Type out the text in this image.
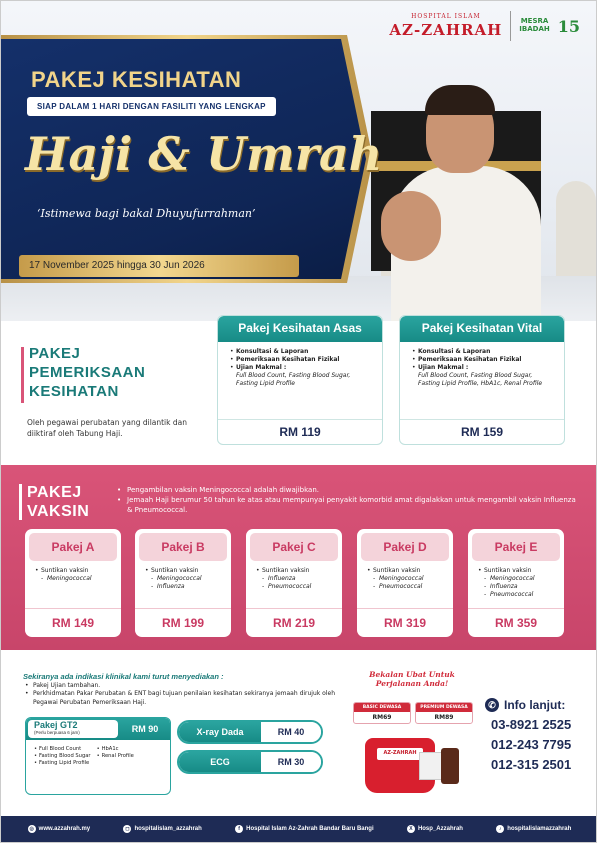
HOSPITAL ISLAM
AZ-ZAHRAH	MESRA
IBADAH 15
PAKEJ KESIHATAN
SIAP DALAM 1 HARI DENGAN FASILITI YANG LENGKAP
Haji & Umrah
‘Istimewa bagi bakal Dhuyufurrahman’
17 November 2025 hingga 30 Jun 2026
PAKEJ
PEMERIKSAAN
KESIHATAN
Oleh pegawai perubatan yang dilantik dan diiktiraf oleh Tabung Haji.
Pakej Kesihatan Asas
• Konsultasi & Laporan
• Pemeriksaan Kesihatan Fizikal
• Ujian Makmal :
Full Blood Count, Fasting Blood Sugar, Fasting Lipid Profile
RM 119
Pakej Kesihatan Vital
• Konsultasi & Laporan
• Pemeriksaan Kesihatan Fizikal
• Ujian Makmal :
Full Blood Count, Fasting Blood Sugar, Fasting Lipid Profile, HbA1c, Renal Profile
RM 159
PAKEJ
VAKSIN
• Pengambilan vaksin Meningococcal adalah diwajibkan.
• Jemaah Haji berumur 50 tahun ke atas atau mempunyai penyakit komorbid amat digalakkan untuk mengambil vaksin Influenza & Pneumococcal.
Pakej A
• Suntikan vaksin
- Meningococcal
RM 149
Pakej B
• Suntikan vaksin
- Meningococcal
- Influenza
RM 199
Pakej C
• Suntikan vaksin
- Influenza
- Pneumococcal
RM 219
Pakej D
• Suntikan vaksin
- Meningococcal
- Pneumococcal
RM 319
Pakej E
• Suntikan vaksin
- Meningococcal
- Influenza
- Pneumococcal
RM 359
Sekiranya ada indikasi klinikal kami turut menyediakan :
• Pakej Ujian tambahan.
• Perkhidmatan Pakar Perubatan & ENT bagi tujuan penilaian kesihatan sekiranya jemaah dirujuk oleh Pegawai Perubatan Pemeriksaan Haji.
Pakej GT2
(Perlu berpuasa 6 jam)	RM 90
• Full Blood Count
• Fasting Blood Sugar
• Fasting Lipid Profile
• HbA1c
• Renal Profile
X-ray Dada	RM 40
ECG	RM 30
Bekalan Ubat Untuk Perjalanan Anda!
BASIC DEWASA
RM69
PREMIUM DEWASA
RM89
AZ-ZAHRAH
✆ Info lanjut:
03-8921 2525
012-243 7795
012-315 2501
◎ www.azzahrah.my	◻ hospitalislam_azzahrah	f	Hospital Islam Az-Zahrah Bandar Baru Bangi	X Hosp_Azzahrah	♪ hospitalislamazzahrah
